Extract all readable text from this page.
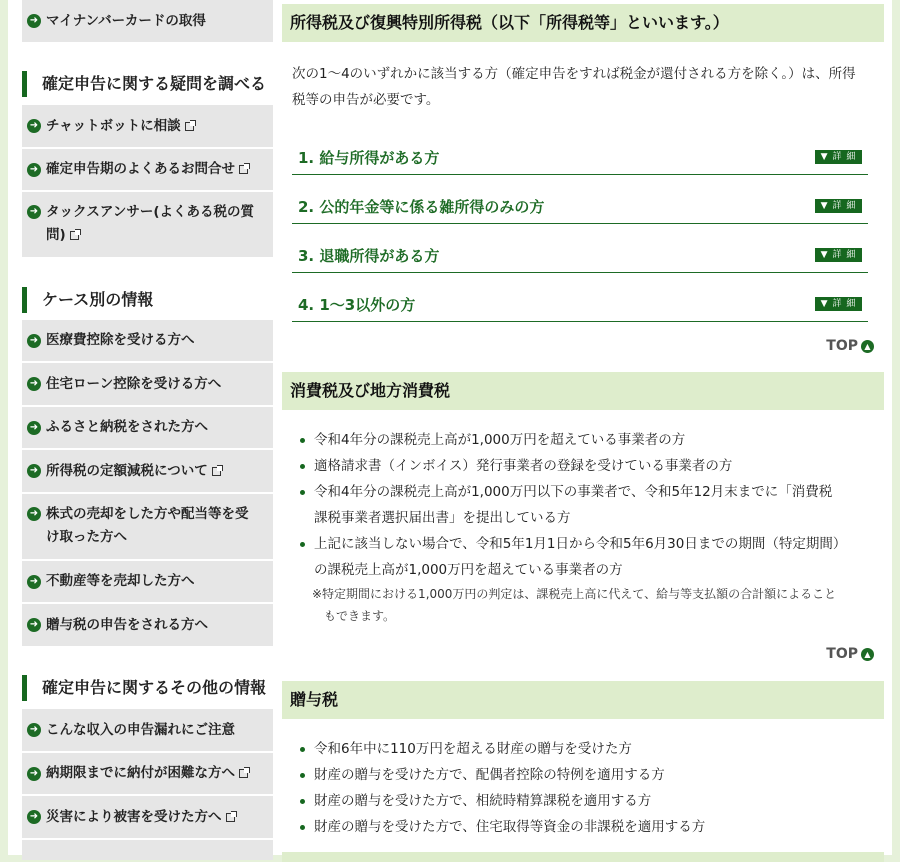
➜ マイナンバーカードの取得
確定申告に関する疑問を調べる
➜ チャットボットに相談
➜ 確定申告期のよくあるお問合せ
➜ タックスアンサー(よくある税の質
問)
ケース別の情報
➜ 医療費控除を受ける方へ
➜ 住宅ローン控除を受ける方へ
➜ ふるさと納税をされた方へ
➜ 所得税の定額減税について
➜ 株式の売却をした方や配当等を受
け取った方へ
➜ 不動産等を売却した方へ
➜ 贈与税の申告をされる方へ
確定申告に関するその他の情報
➜ こんな収入の申告漏れにご注意
➜ 納期限までに納付が困難な方へ
➜ 災害により被害を受けた方へ
所得税及び復興特別所得税（以下「所得税等」といいます。）

次の1～4のいずれかに該当する方（確定申告をすれば税金が還付される方を除く。）は、所得

税等の申告が必要です。

1. 給与所得がある方	▼ 詳 細
2. 公的年金等に係る雑所得のみの方	▼ 詳 細
3. 退職所得がある方	▼ 詳 細
4. 1～3以外の方	▼ 詳 細
TOP ▲
消費税及び地方消費税
令和4年分の課税売上高が1,000万円を超えている事業者の方
適格請求書（インボイス）発行事業者の登録を受けている事業者の方
令和4年分の課税売上高が1,000万円以下の事業者で、令和5年12月末までに「消費税
課税事業者選択届出書」を提出している方
上記に該当しない場合で、令和5年1月1日から令和5年6月30日までの期間（特定期間）
の課税売上高が1,000万円を超えている事業者の方

※特定期間における1,000万円の判定は、課税売上高に代えて、給与等支払額の合計額によること

もできます。

TOP ▲
贈与税
令和6年中に110万円を超える財産の贈与を受けた方
財産の贈与を受けた方で、配偶者控除の特例を適用する方
財産の贈与を受けた方で、相続時精算課税を適用する方
財産の贈与を受けた方で、住宅取得等資金の非課税を適用する方
